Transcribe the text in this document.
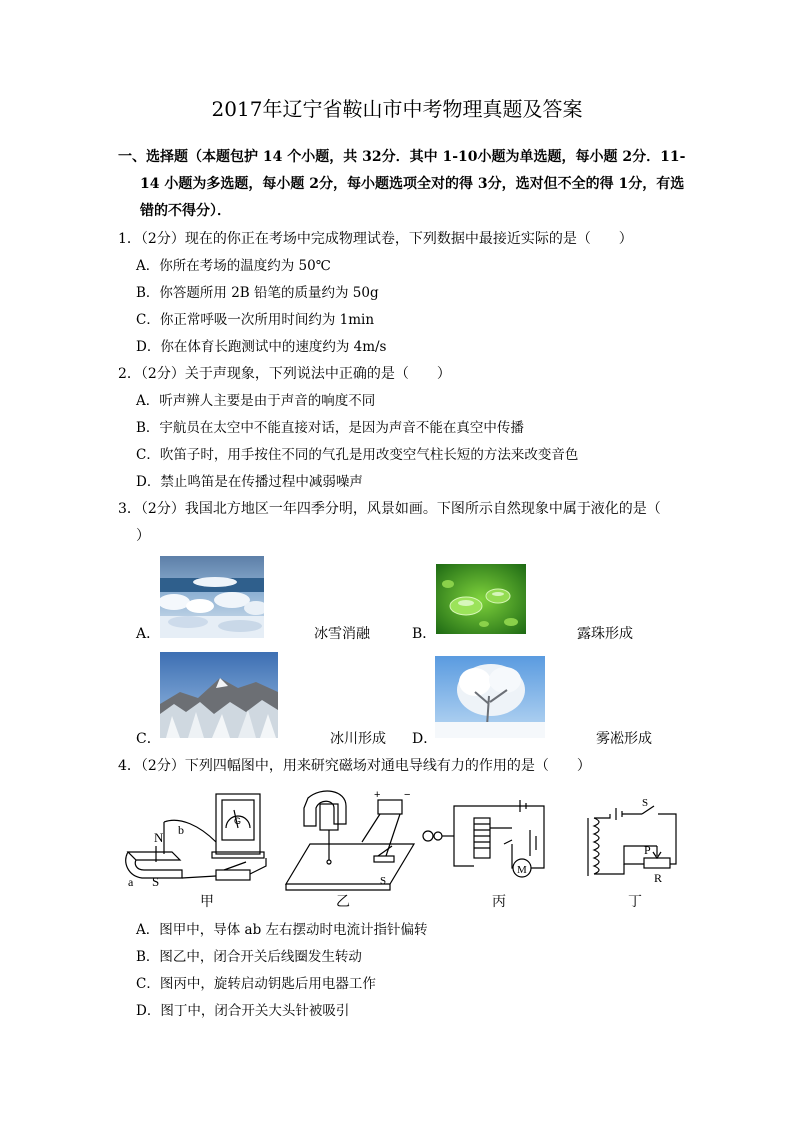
2017年辽宁省鞍山市中考物理真题及答案
一、选择题（本题包护 14 个小题，共 32分．其中 1-10小题为单选题，每小题 2分．11-
14 小题为多选题，每小题 2分，每小题选项全对的得 3分，选对但不全的得 1分，有选
错的不得分）．
1．（2分）现在的你正在考场中完成物理试卷，下列数据中最接近实际的是（　　）
A．你所在考场的温度约为 50℃
B．你答题所用 2B 铅笔的质量约为 50g
C．你正常呼吸一次所用时间约为 1min
D．你在体育长跑测试中的速度约为 4m/s
2．（2分）关于声现象，下列说法中正确的是（　　）
A．听声辨人主要是由于声音的响度不同
B．宇航员在太空中不能直接对话，是因为声音不能在真空中传播
C．吹笛子时，用手按住不同的气孔是用改变空气柱长短的方法来改变音色
D．禁止鸣笛是在传播过程中减弱噪声
3．（2分）我国北方地区一年四季分明，风景如画。下图所示自然现象中属于液化的是（
）
A．	冰雪消融	B．	露珠形成
C．	冰川形成 D．	雾凇形成
4．（2分）下列四幅图中，用来研究磁场对通电导线有力的作用的是（　　）
N b
a S
G
S
+ −
M
S
P
R
甲	乙	丙	丁
A．图甲中，导体 ab 左右摆动时电流计指针偏转
B．图乙中，闭合开关后线圈发生转动
C．图丙中，旋转启动钥匙后用电器工作
D．图丁中，闭合开关大头针被吸引
